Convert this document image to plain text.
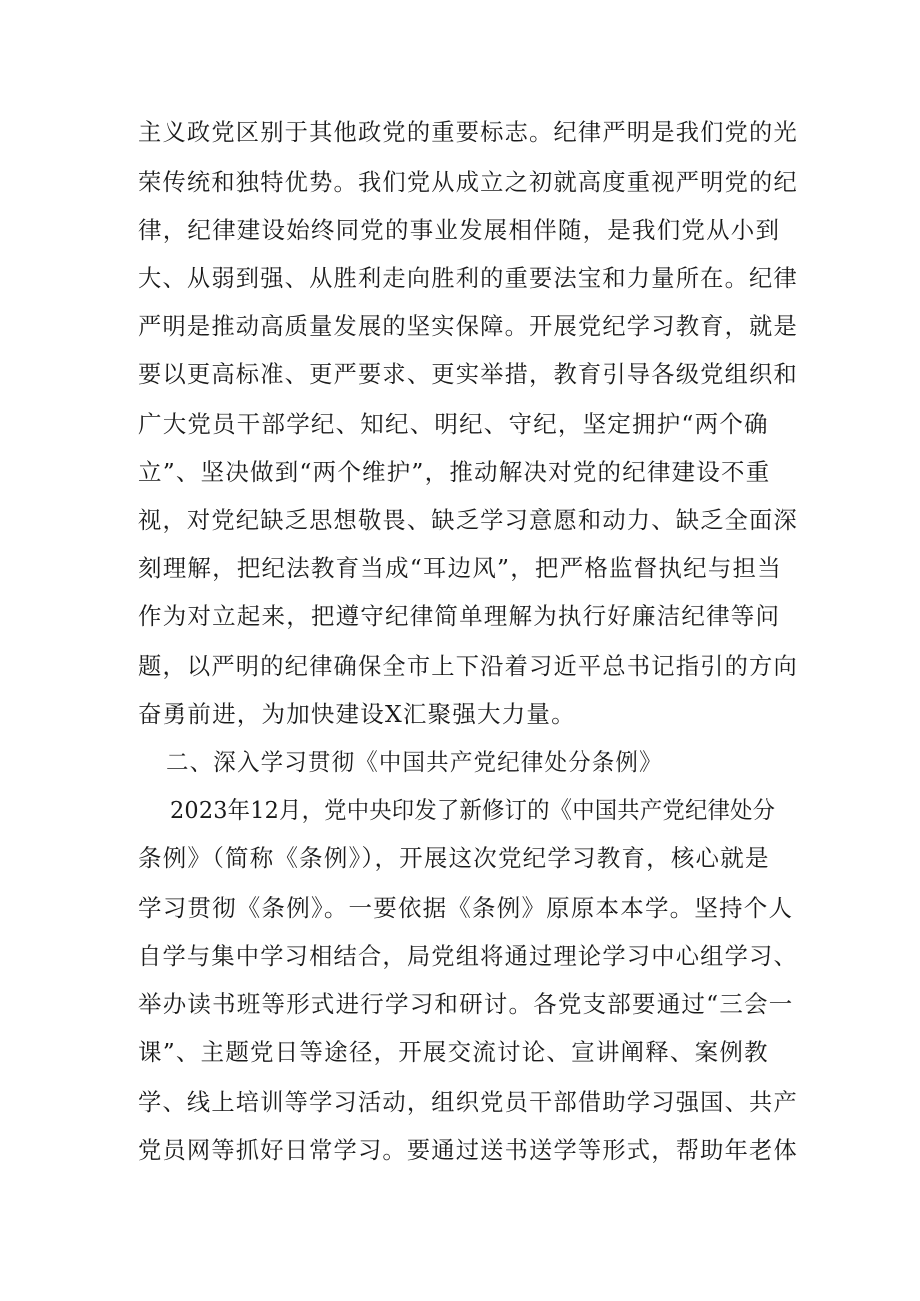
主义政党区别于其他政党的重要标志。纪律严明是我们党的光
荣传统和独特优势。我们党从成立之初就高度重视严明党的纪
律，纪律建设始终同党的事业发展相伴随，是我们党从小到
大、从弱到强、从胜利走向胜利的重要法宝和力量所在。纪律
严明是推动高质量发展的坚实保障。开展党纪学习教育，就是
要以更高标准、更严要求、更实举措，教育引导各级党组织和
广大党员干部学纪、知纪、明纪、守纪，坚定拥护“两个确
立”、坚决做到“两个维护”，推动解决对党的纪律建设不重
视，对党纪缺乏思想敬畏、缺乏学习意愿和动力、缺乏全面深
刻理解，把纪法教育当成“耳边风”，把严格监督执纪与担当
作为对立起来，把遵守纪律简单理解为执行好廉洁纪律等问
题，以严明的纪律确保全市上下沿着习近平总书记指引的方向
奋勇前进，为加快建设X汇聚强大力量。
二、深入学习贯彻《中国共产党纪律处分条例》
2023年12月，党中央印发了新修订的《中国共产党纪律处分
条例》（简称《条例》），开展这次党纪学习教育，核心就是
学习贯彻《条例》。一要依据《条例》原原本本学。坚持个人
自学与集中学习相结合，局党组将通过理论学习中心组学习、
举办读书班等形式进行学习和研讨。各党支部要通过“三会一
课”、主题党日等途径，开展交流讨论、宣讲阐释、案例教
学、线上培训等学习活动，组织党员干部借助学习强国、共产
党员网等抓好日常学习。要通过送书送学等形式，帮助年老体
